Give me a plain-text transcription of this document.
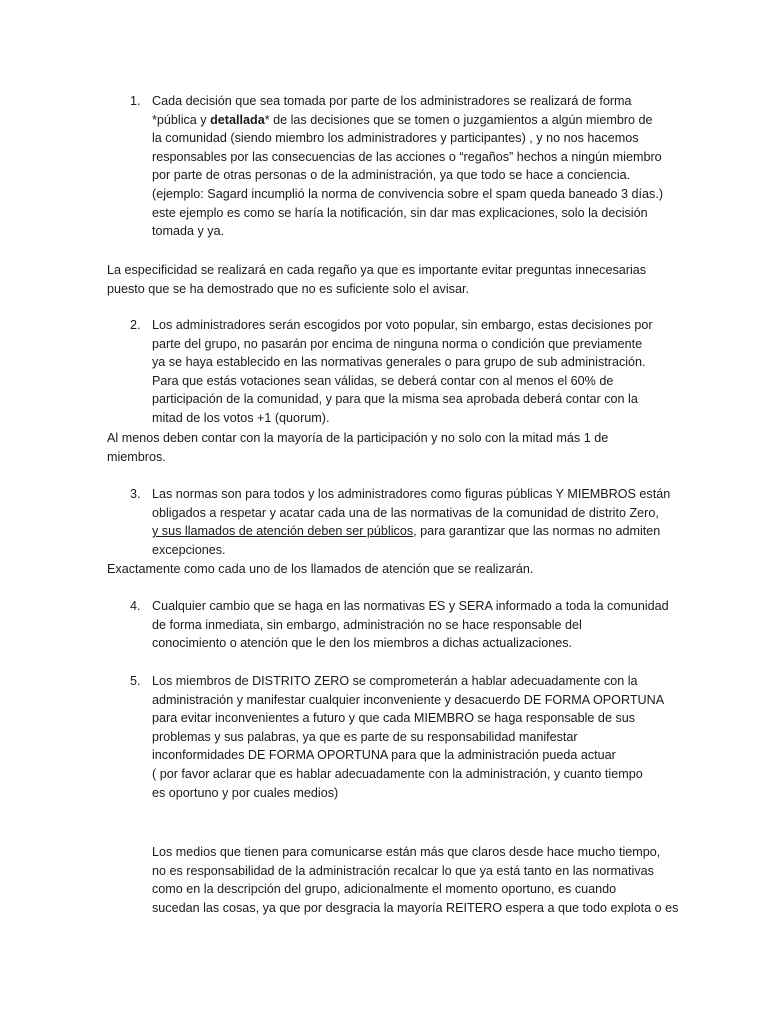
1. Cada decisión que sea tomada por parte de los administradores se realizará de forma
*pública y detallada* de las decisiones que se tomen o juzgamientos a algún miembro de
la comunidad (siendo miembro los administradores y participantes) , y no nos hacemos
responsables por las consecuencias de las acciones o “regaños” hechos a ningún miembro
por parte de otras personas o de la administración, ya que todo se hace a conciencia.
(ejemplo: Sagard incumplió la norma de convivencia sobre el spam queda baneado 3 días.)
este ejemplo es como se haría la notificación, sin dar mas explicaciones, solo la decisión
tomada y ya.
La especificidad se realizará en cada regaño ya que es importante evitar preguntas innecesarias
puesto que se ha demostrado que no es suficiente solo el avisar.
2. Los administradores serán escogidos por voto popular, sin embargo, estas decisiones por
parte del grupo, no pasarán por encima de ninguna norma o condición que previamente
ya se haya establecido en las normativas generales o para grupo de sub administración.
Para que estás votaciones sean válidas, se deberá contar con al menos el 60% de
participación de la comunidad, y para que la misma sea aprobada deberá contar con la
mitad de los votos +1 (quorum).
Al menos deben contar con la mayoría de la participación y no solo con la mitad más 1 de
miembros.
3. Las normas son para todos y los administradores como figuras públicas Y MIEMBROS están
obligados a respetar y acatar cada una de las normativas de la comunidad de distrito Zero,
y sus llamados de atención deben ser públicos, para garantizar que las normas no admiten
excepciones.
Exactamente como cada uno de los llamados de atención que se realizarán.
4. Cualquier cambio que se haga en las normativas ES y SERA informado a toda la comunidad
de forma inmediata, sin embargo, administración no se hace responsable del
conocimiento o atención que le den los miembros a dichas actualizaciones.
5. Los miembros de DISTRITO ZERO se comprometerán a hablar adecuadamente con la
administración y manifestar cualquier inconveniente y desacuerdo DE FORMA OPORTUNA
para evitar inconvenientes a futuro y que cada MIEMBRO se haga responsable de sus
problemas y sus palabras, ya que es parte de su responsabilidad manifestar
inconformidades DE FORMA OPORTUNA para que la administración pueda actuar
( por favor aclarar que es hablar adecuadamente con la administración, y cuanto tiempo
es oportuno y por cuales medios)
Los medios que tienen para comunicarse están más que claros desde hace mucho tiempo,
no es responsabilidad de la administración recalcar lo que ya está tanto en las normativas
como en la descripción del grupo, adicionalmente el momento oportuno, es cuando
sucedan las cosas, ya que por desgracia la mayoría REITERO espera a que todo explota o es
